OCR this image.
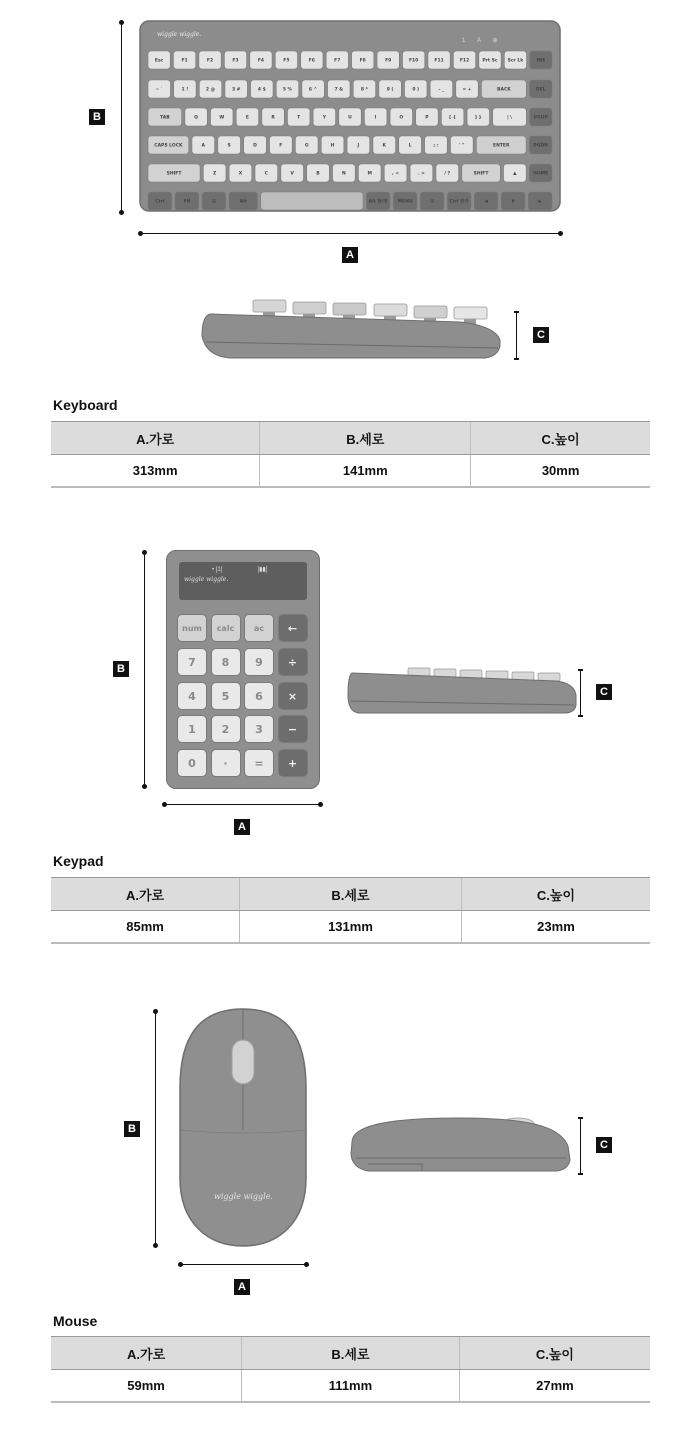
B
A
Esc	F1	F2	F3	F4	F5	F6	F7	F8	F9	F10	F11	F12	Prt Sc Scr Lk	INS
~ `	1 !	2 @	3 #	4 $	5 %	6 ^	7 &	8 *	9 (	0 )	- _	= +	BACK	DEL
TAB	Q	W	E	R	T	Y	U	I	O	P	[ {	] }	| \	PGUP
CAPS LOCK	A	S	D	F	G	H	J	K	L	; :	' "	ENTER	PGDN
SHIFT	Z	X	C	V	B	N	M	, <	. >	/ ?	SHIFT	▲	HOME
Ctrl	FN	⊞	Alt	Alt 한/영 MENU	⊞	Ctrl 한자	◀	▼	▶
wiggle wiggle.
1       A       ⊕
C
Keyboard
A.가로	B.세로	C.높이
313mm	141mm	30mm
B
A
wiggle wiggle.
• [1]                     [▮▮]
num	calc	ac	←
7	8	9	÷
4	5	6	×
1	2	3	−
0	·	=	+
C
Keypad
A.가로	B.세로	C.높이
85mm	131mm	23mm
B
A
wiggle wiggle.
C
Mouse
A.가로	B.세로	C.높이
59mm	111mm	27mm
